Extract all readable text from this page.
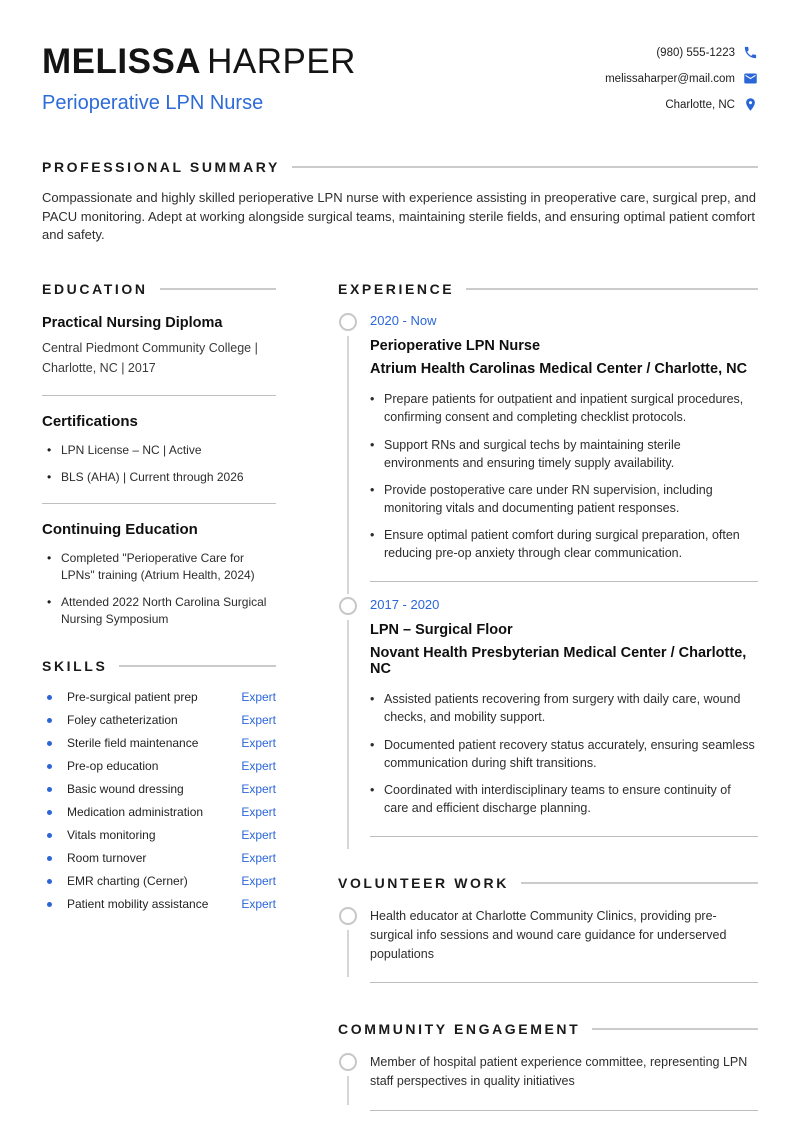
MELISSA HARPER
Perioperative LPN Nurse
(980) 555-1223
melissaharper@mail.com
Charlotte, NC
PROFESSIONAL SUMMARY

Compassionate and highly skilled perioperative LPN nurse with experience assisting in preoperative care, surgical prep, and PACU monitoring. Adept at working alongside surgical teams, maintaining sterile fields, and ensuring optimal patient comfort and safety.

EDUCATION
Practical Nursing Diploma

Central Piedmont Community College | Charlotte, NC | 2017

Certifications
• LPN License – NC | Active
• BLS (AHA) | Current through 2026
Continuing Education
• Completed "Perioperative Care for LPNs" training (Atrium Health, 2024)
• Attended 2022 North Carolina Surgical Nursing Symposium
SKILLS
Pre-surgical patient prep	Expert
Foley catheterization	Expert
Sterile field maintenance	Expert
Pre-op education	Expert
Basic wound dressing	Expert
Medication administration	Expert
Vitals monitoring	Expert
Room turnover	Expert
EMR charting (Cerner)	Expert
Patient mobility assistance	Expert
EXPERIENCE
2020 - Now
Perioperative LPN Nurse
Atrium Health Carolinas Medical Center / Charlotte, NC
• Prepare patients for outpatient and inpatient surgical procedures, confirming consent and completing checklist protocols.
• Support RNs and surgical techs by maintaining sterile environments and ensuring timely supply availability.
• Provide postoperative care under RN supervision, including monitoring vitals and documenting patient responses.
• Ensure optimal patient comfort during surgical preparation, often reducing pre-op anxiety through clear communication.
2017 - 2020
LPN – Surgical Floor
Novant Health Presbyterian Medical Center / Charlotte, NC
• Assisted patients recovering from surgery with daily care, wound checks, and mobility support.
• Documented patient recovery status accurately, ensuring seamless communication during shift transitions.
• Coordinated with interdisciplinary teams to ensure continuity of care and efficient discharge planning.
VOLUNTEER WORK

Health educator at Charlotte Community Clinics, providing pre-surgical info sessions and wound care guidance for underserved populations

COMMUNITY ENGAGEMENT

Member of hospital patient experience committee, representing LPN staff perspectives in quality initiatives
